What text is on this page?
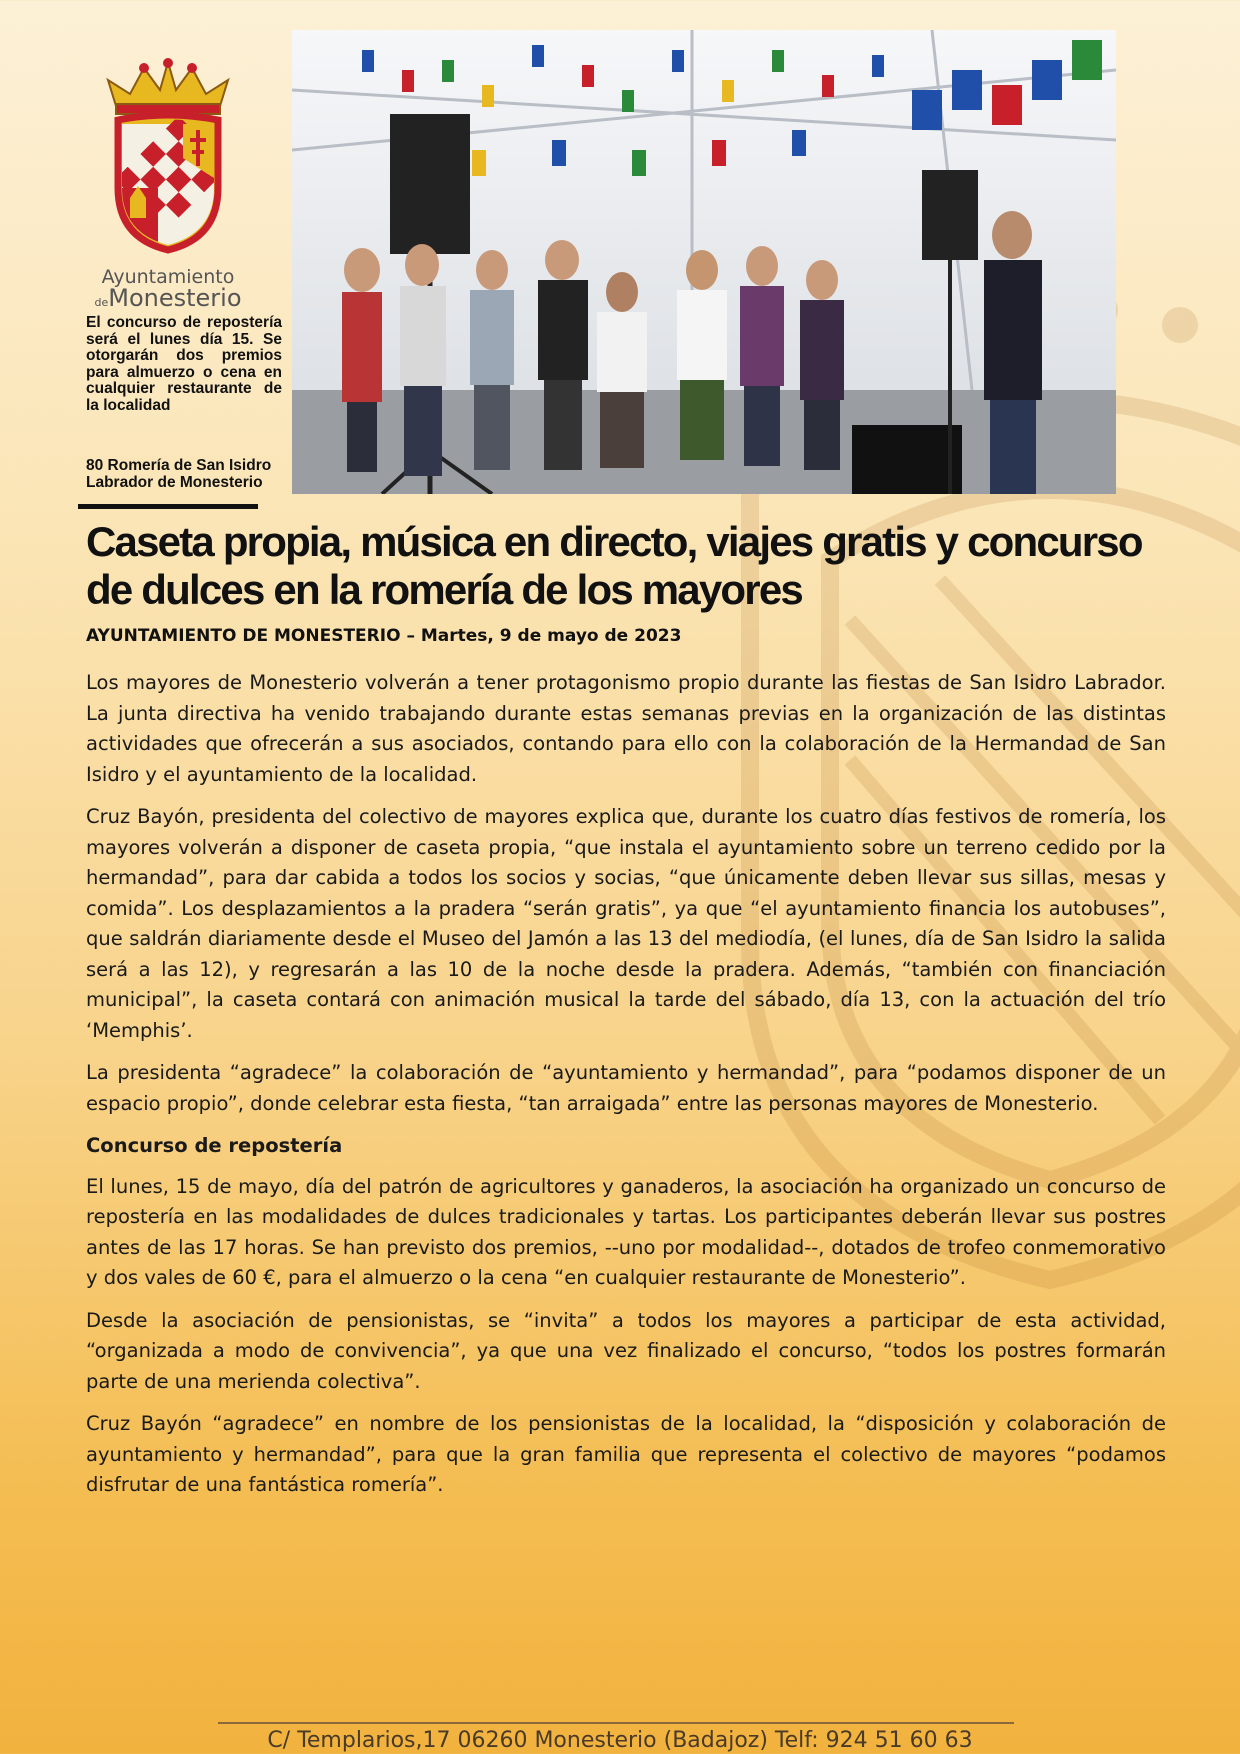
Ayuntamiento
deMonesterio
El concurso de repostería será el lunes día 15. Se otorgarán dos premios para almuerzo o cena en cualquier restaurante de la localidad
80 Romería de San Isidro Labrador de Monesterio
Caseta propia, música en directo, viajes gratis y concurso de dulces en la romería de los mayores
AYUNTAMIENTO DE MONESTERIO – Martes, 9 de mayo de 2023

Los mayores de Monesterio volverán a tener protagonismo propio durante las fiestas de San Isidro Labrador. La junta directiva ha venido trabajando durante estas semanas previas en la organización de las distintas actividades que ofrecerán a sus asociados, contando para ello con la colaboración de la Hermandad de San Isidro y el ayuntamiento de la localidad.

Cruz Bayón, presidenta del colectivo de mayores explica que, durante los cuatro días festivos de romería, los mayores volverán a disponer de caseta propia, “que instala el ayuntamiento sobre un terreno cedido por la hermandad”, para dar cabida a todos los socios y socias, “que únicamente deben llevar sus sillas, mesas y comida”. Los desplazamientos a la pradera “serán gratis”, ya que “el ayuntamiento financia los autobuses”, que saldrán diariamente desde el Museo del Jamón a las 13 del mediodía, (el lunes, día de San Isidro la salida será a las 12), y regresarán a las 10 de la noche desde la pradera. Además, “también con financiación municipal”, la caseta contará con animación musical la tarde del sábado, día 13, con la actuación del trío ‘Memphis’.

La presidenta “agradece” la colaboración de “ayuntamiento y hermandad”, para “podamos disponer de un espacio propio”, donde celebrar esta fiesta, “tan arraigada” entre las personas mayores de Monesterio.

Concurso de repostería

El lunes, 15 de mayo, día del patrón de agricultores y ganaderos, la asociación ha organizado un concurso de repostería en las modalidades de dulces tradicionales y tartas. Los participantes deberán llevar sus postres antes de las 17 horas. Se han previsto dos premios, --uno por modalidad--, dotados de trofeo conmemorativo y dos vales de 60 €, para el almuerzo o la cena “en cualquier restaurante de Monesterio”.

Desde la asociación de pensionistas, se “invita” a todos los mayores a participar de esta actividad, “organizada a modo de convivencia”, ya que una vez finalizado el concurso, “todos los postres formarán parte de una merienda colectiva”.

Cruz Bayón “agradece” en nombre de los pensionistas de la localidad, la “disposición y colaboración de ayuntamiento y hermandad”, para que la gran familia que representa el colectivo de mayores “podamos disfrutar de una fantástica romería”.

C/ Templarios,17 06260 Monesterio (Badajoz) Telf: 924 51 60 63
